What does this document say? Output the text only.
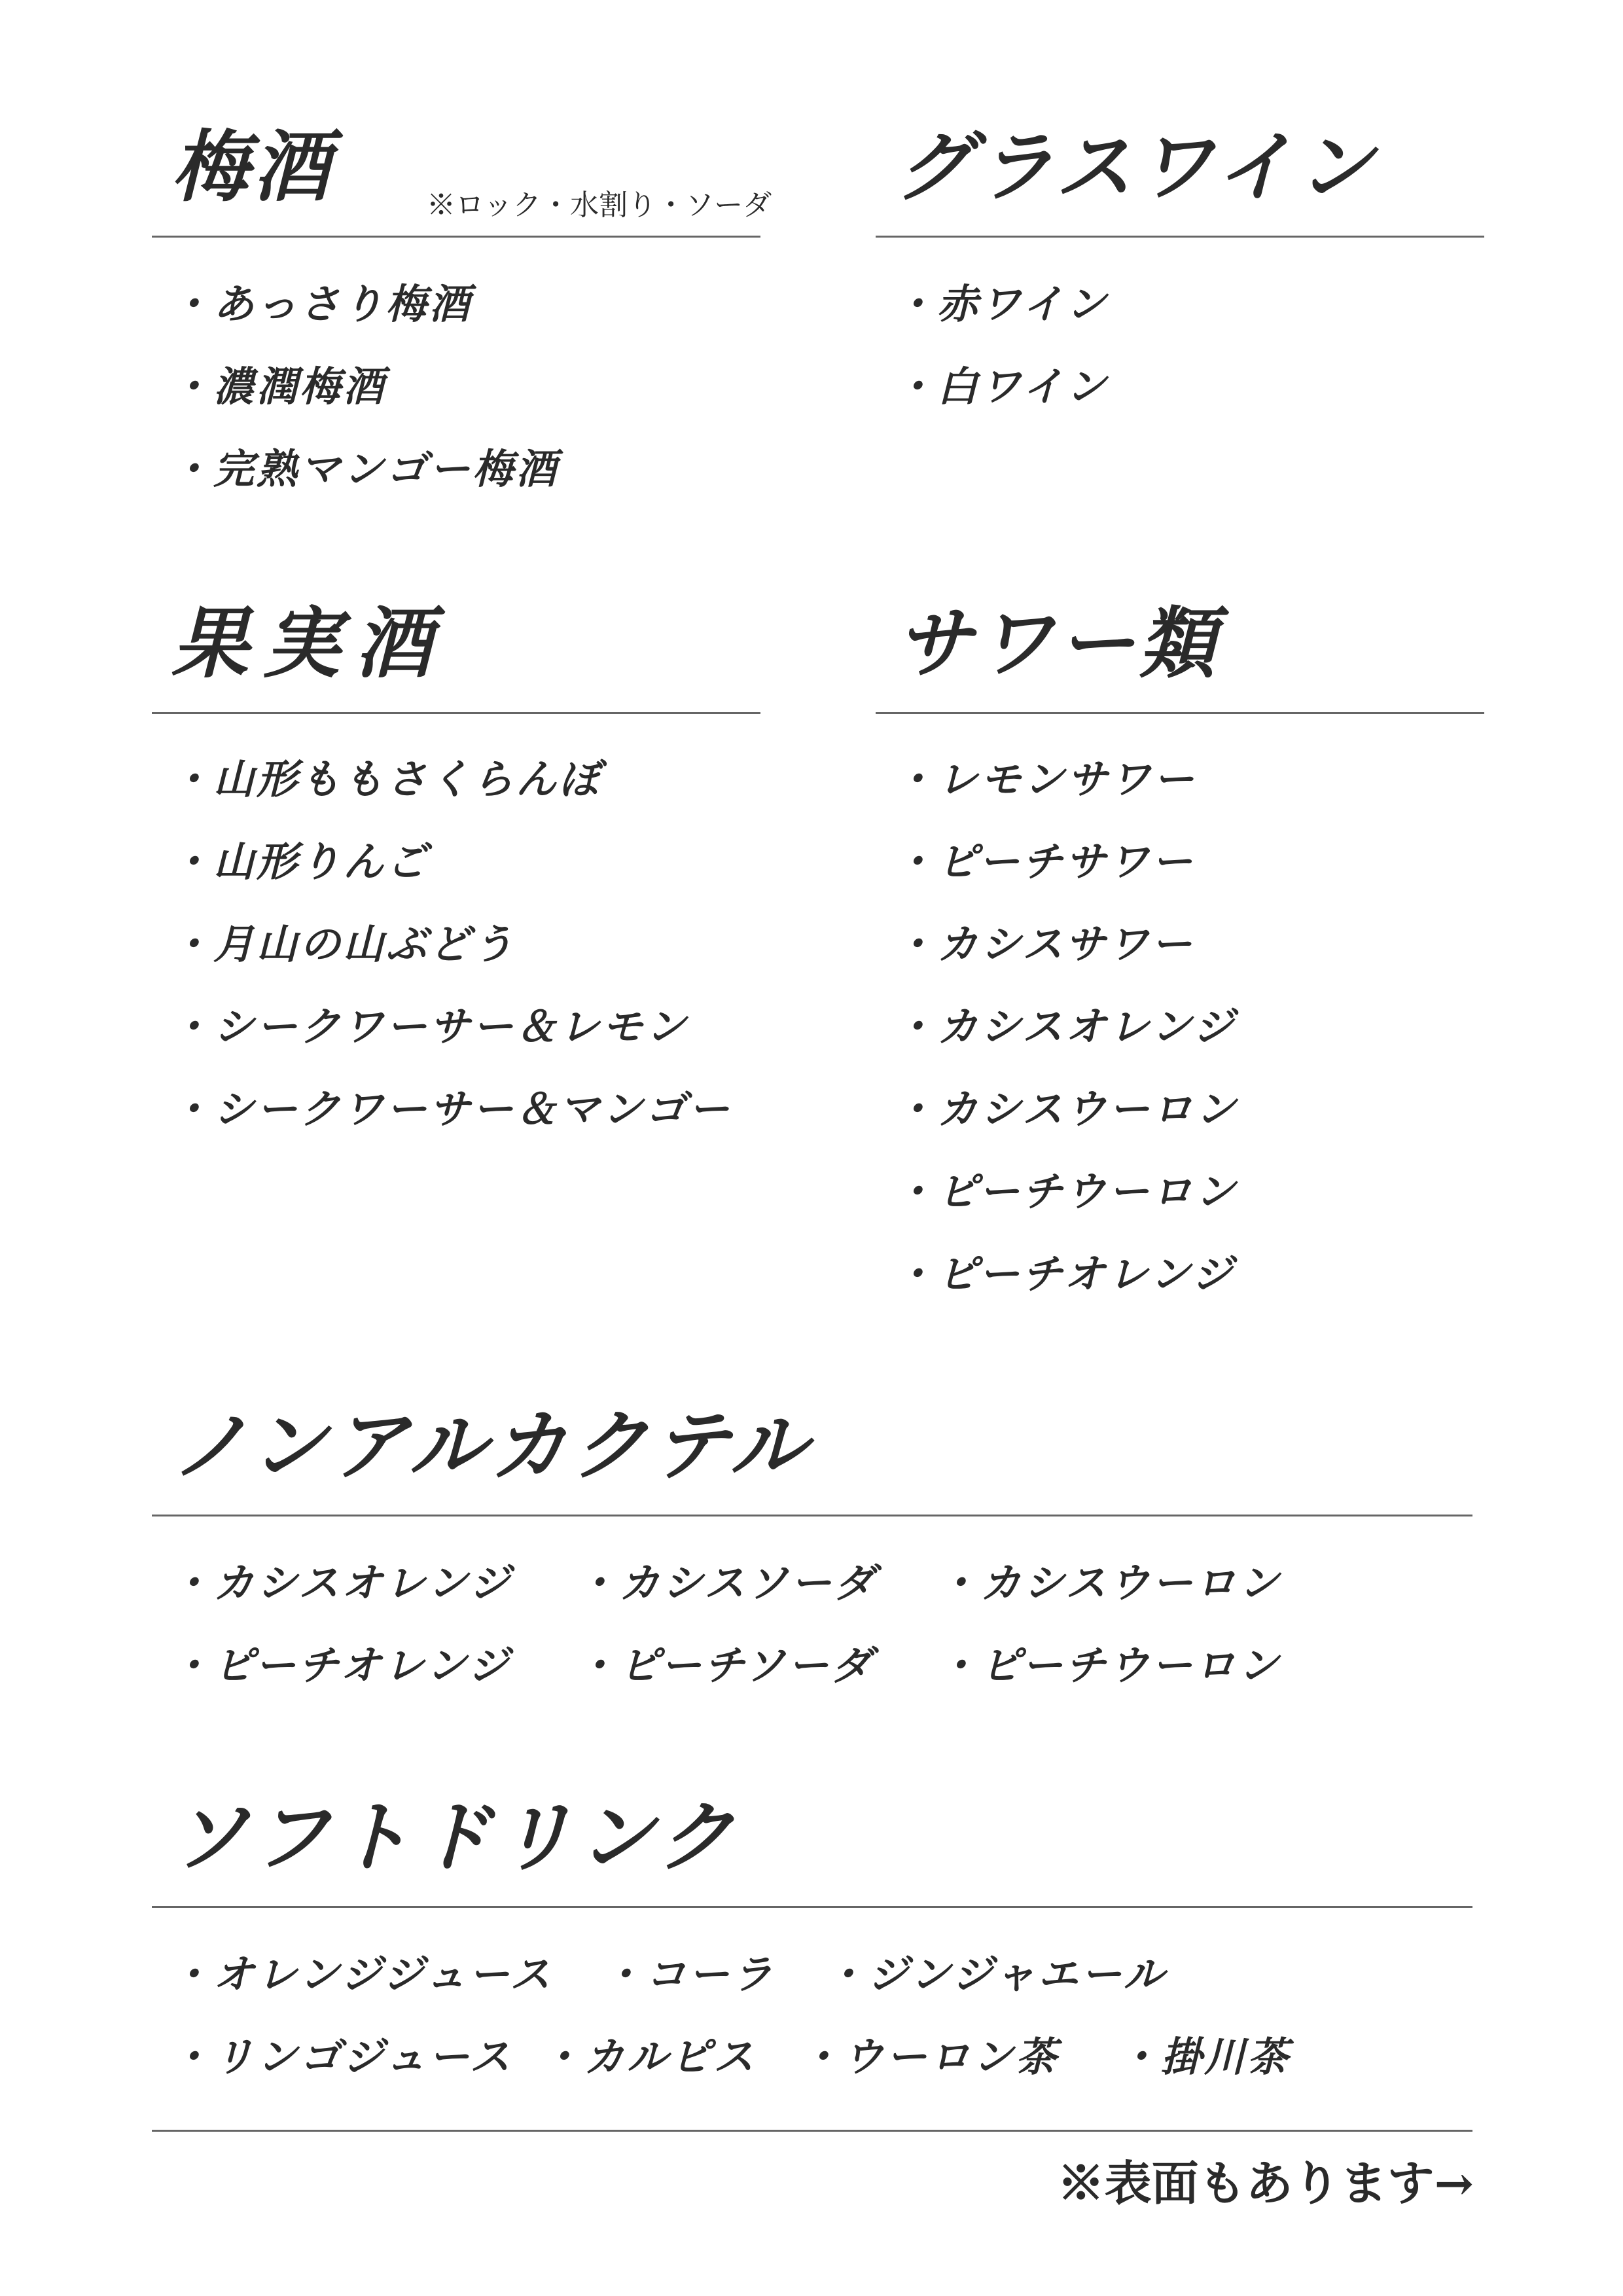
梅酒	※ロック・水割り・ソーダ
・あっさり梅酒
・濃潤梅酒
・完熟マンゴー梅酒
グラスワイン
・赤ワイン
・白ワイン
果実酒
・山形ももさくらんぼ
・山形りんご
・月山の山ぶどう
・シークワーサー＆レモン
・シークワーサー＆マンゴー
サワー類
・レモンサワー
・ピーチサワー
・カシスサワー
・カシスオレンジ
・カシスウーロン
・ピーチウーロン
・ピーチオレンジ
ノンアルカクテル
・カシスオレンジ ・カシスソーダ ・カシスウーロン
・ピーチオレンジ ・ピーチソーダ ・ピーチウーロン
ソフトドリンク
・オレンジジュース ・コーラ ・ジンジャエール
・リンゴジュース ・カルピス ・ウーロン茶 ・掛川茶
※表面もあります→
